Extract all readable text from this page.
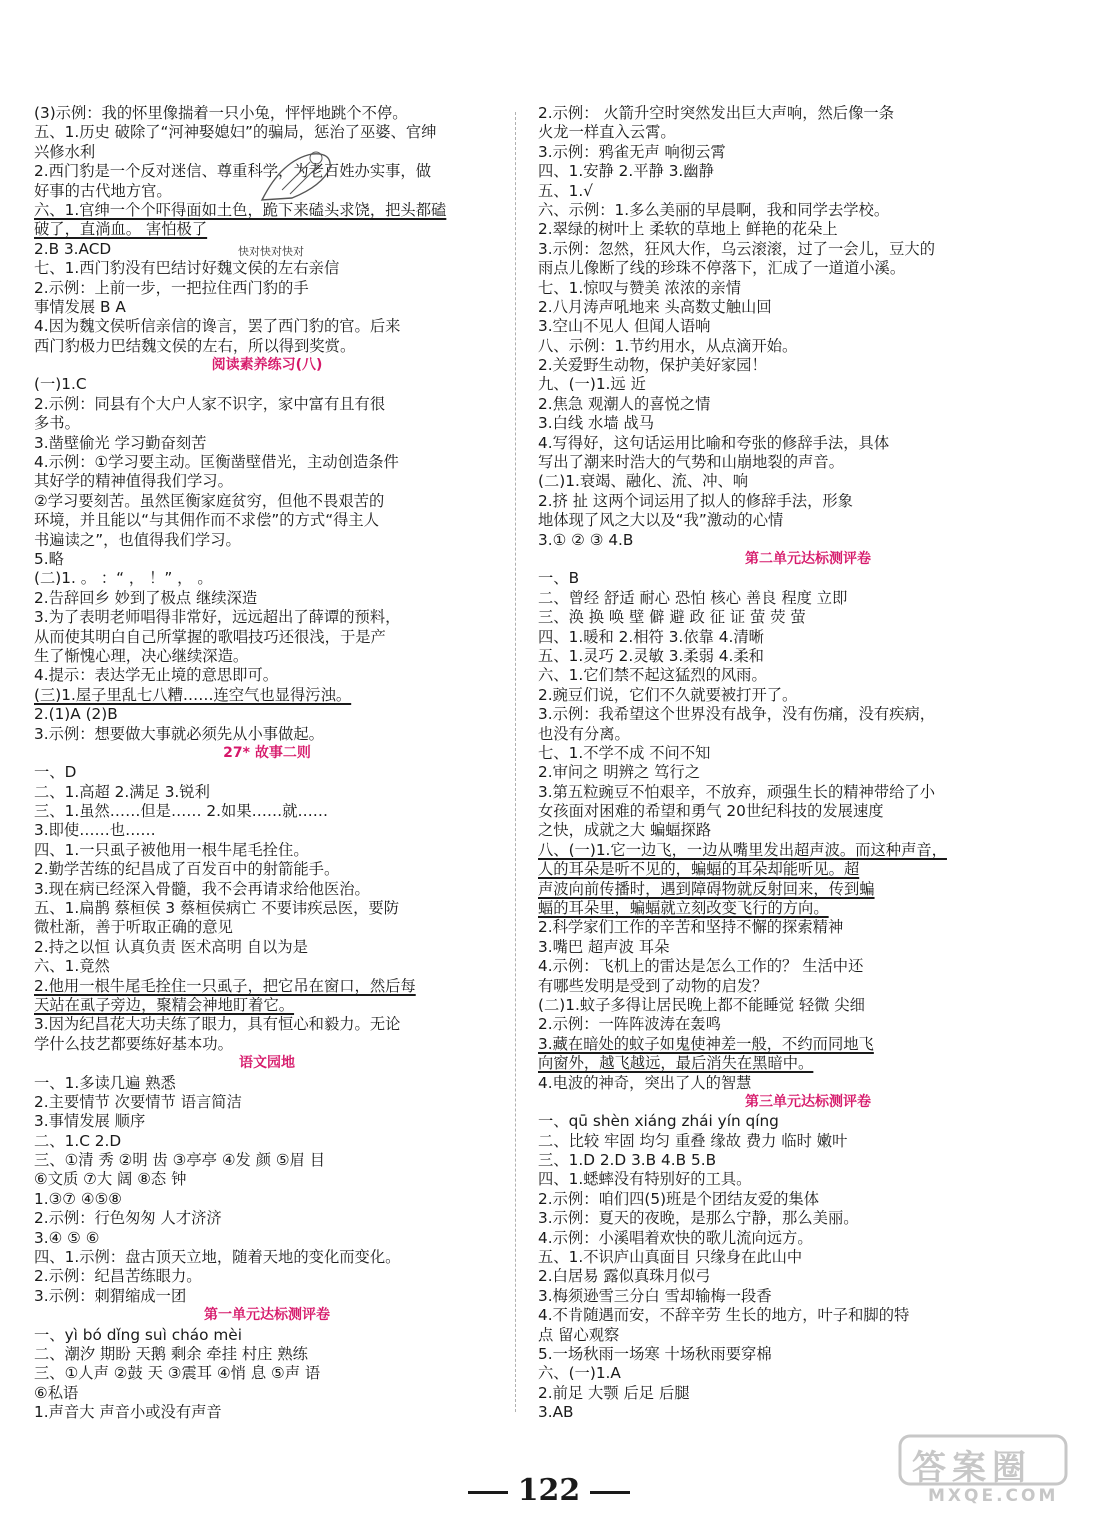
(3)示例：我的怀里像揣着一只小兔，怦怦地跳个不停。
五、1.历史 破除了“河神娶媳妇”的骗局，惩治了巫婆、官绅
兴修水利
2.西门豹是一个反对迷信、尊重科学，为老百姓办实事，做
好事的古代地方官。
六、1.官绅一个个吓得面如土色，跪下来磕头求饶，把头都磕
破了，直淌血。 害怕极了
2.B 3.ACD
七、1.西门豹没有巴结讨好魏文侯的左右亲信
2.示例：上前一步，一把拉住西门豹的手
事情发展 B A
4.因为魏文侯听信亲信的谗言，罢了西门豹的官。后来
西门豹极力巴结魏文侯的左右，所以得到奖赏。
阅读素养练习(八)
(一)1.C
2.示例：同县有个大户人家不识字，家中富有且有很
多书。
3.凿壁偷光 学习勤奋刻苦
4.示例：①学习要主动。匡衡凿壁借光，主动创造条件
其好学的精神值得我们学习。
②学习要刻苦。虽然匡衡家庭贫穷，但他不畏艰苦的
环境，并且能以“与其佣作而不求偿”的方式“得主人
书遍读之”，也值得我们学习。
5.略
(二)1. 。 ：“ ， ！” ， 。
2.告辞回乡 妙到了极点 继续深造
3.为了表明老师唱得非常好，远远超出了薛谭的预料，
从而使其明白自己所掌握的歌唱技巧还很浅，于是产
生了惭愧心理，决心继续深造。
4.提示：表达学无止境的意思即可。
(三)1.屋子里乱七八糟……连空气也显得污浊。
2.(1)A (2)B
3.示例：想要做大事就必须先从小事做起。
27* 故事二则
一、D
二、1.高超 2.满足 3.锐利
三、1.虽然……但是…… 2.如果……就……
3.即使……也……
四、1.一只虱子被他用一根牛尾毛拴住。
2.勤学苦练的纪昌成了百发百中的射箭能手。
3.现在病已经深入骨髓，我不会再请求给他医治。
五、1.扁鹊 蔡桓侯 3 蔡桓侯病亡 不要讳疾忌医，要防
微杜渐，善于听取正确的意见
2.持之以恒 认真负责 医术高明 自以为是
六、1.竟然
2.他用一根牛尾毛拴住一只虱子，把它吊在窗口，然后每
天站在虱子旁边，聚精会神地盯着它。
3.因为纪昌花大功夫练了眼力，具有恒心和毅力。无论
学什么技艺都要练好基本功。
语文园地
一、1.多读几遍 熟悉
2.主要情节 次要情节 语言简洁
3.事情发展 顺序
二、1.C 2.D
三、①清 秀 ②明 齿 ③亭亭 ④发 颜 ⑤眉 目
⑥文质 ⑦大 阔 ⑧态 钟
1.③⑦ ④⑤⑧
2.示例：行色匆匆 人才济济
3.④ ⑤ ⑥
四、1.示例：盘古顶天立地，随着天地的变化而变化。
2.示例：纪昌苦练眼力。
3.示例：刺猬缩成一团
第一单元达标测评卷
一、yì bó dǐng suì cháo mèi
二、潮汐 期盼 天鹅 剩余 牵挂 村庄 熟练
三、①人声 ②鼓 天 ③震耳 ④悄 息 ⑤声 语
⑥私语
1.声音大 声音小或没有声音
2.示例： 火箭升空时突然发出巨大声响，然后像一条
火龙一样直入云霄。
3.示例：鸦雀无声 响彻云霄
四、1.安静 2.平静 3.幽静
五、1.√
六、示例：1.多么美丽的早晨啊，我和同学去学校。
2.翠绿的树叶上 柔软的草地上 鲜艳的花朵上
3.示例：忽然，狂风大作，乌云滚滚，过了一会儿，豆大的
雨点儿像断了线的珍珠不停落下，汇成了一道道小溪。
七、1.惊叹与赞美 浓浓的亲情
2.八月涛声吼地来 头高数丈触山回
3.空山不见人 但闻人语响
八、示例：1.节约用水，从点滴开始。
2.关爱野生动物，保护美好家园！
九、(一)1.远 近
2.焦急 观潮人的喜悦之情
3.白线 水墙 战马
4.写得好，这句话运用比喻和夸张的修辞手法，具体
写出了潮来时浩大的气势和山崩地裂的声音。
(二)1.衰竭、融化、流、冲、响
2.挤 扯 这两个词运用了拟人的修辞手法，形象
地体现了风之大以及“我”激动的心情
3.① ② ③ 4.B
第二单元达标测评卷
一、B
二、曾经 舒适 耐心 恐怕 核心 善良 程度 立即
三、涣 换 唤 壁 僻 避 政 征 证 萤 荧 萤
四、1.暖和 2.相符 3.依靠 4.清晰
五、1.灵巧 2.灵敏 3.柔弱 4.柔和
六、1.它们禁不起这猛烈的风雨。
2.豌豆们说，它们不久就要被打开了。
3.示例：我希望这个世界没有战争，没有伤痛，没有疾病，
也没有分离。
七、1.不学不成 不问不知
2.审问之 明辨之 笃行之
3.第五粒豌豆不怕艰辛，不放弃，顽强生长的精神带给了小
女孩面对困难的希望和勇气 20世纪科技的发展速度
之快，成就之大 蝙蝠探路
八、(一)1.它一边飞，一边从嘴里发出超声波。而这种声音，
人的耳朵是听不见的，蝙蝠的耳朵却能听见。超
声波向前传播时，遇到障碍物就反射回来，传到蝙
蝠的耳朵里，蝙蝠就立刻改变飞行的方向。
2.科学家们工作的辛苦和坚持不懈的探索精神
3.嘴巴 超声波 耳朵
4.示例：飞机上的雷达是怎么工作的？ 生活中还
有哪些发明是受到了动物的启发？
(二)1.蚊子多得让居民晚上都不能睡觉 轻微 尖细
2.示例：一阵阵波涛在轰鸣
3.藏在暗处的蚊子如鬼使神差一般，不约而同地飞
向窗外，越飞越远，最后消失在黑暗中。
4.电波的神奇，突出了人的智慧
第三单元达标测评卷
一、qū shèn xiáng zhái yín qíng
二、比较 牢固 均匀 重叠 缘故 费力 临时 嫩叶
三、1.D 2.D 3.B 4.B 5.B
四、1.蟋蟀没有特别好的工具。
2.示例：咱们四(5)班是个团结友爱的集体
3.示例：夏天的夜晚，是那么宁静，那么美丽。
4.示例：小溪唱着欢快的歌儿流向远方。
五、1.不识庐山真面目 只缘身在此山中
2.白居易 露似真珠月似弓
3.梅须逊雪三分白 雪却输梅一段香
4.不肯随遇而安，不辞辛劳 生长的地方，叶子和脚的特
点 留心观察
5.一场秋雨一场寒 十场秋雨要穿棉
六、(一)1.A
2.前足 大颚 后足 后腿
3.AB
快对快对快对
122
答案圈
MXQE.COM
